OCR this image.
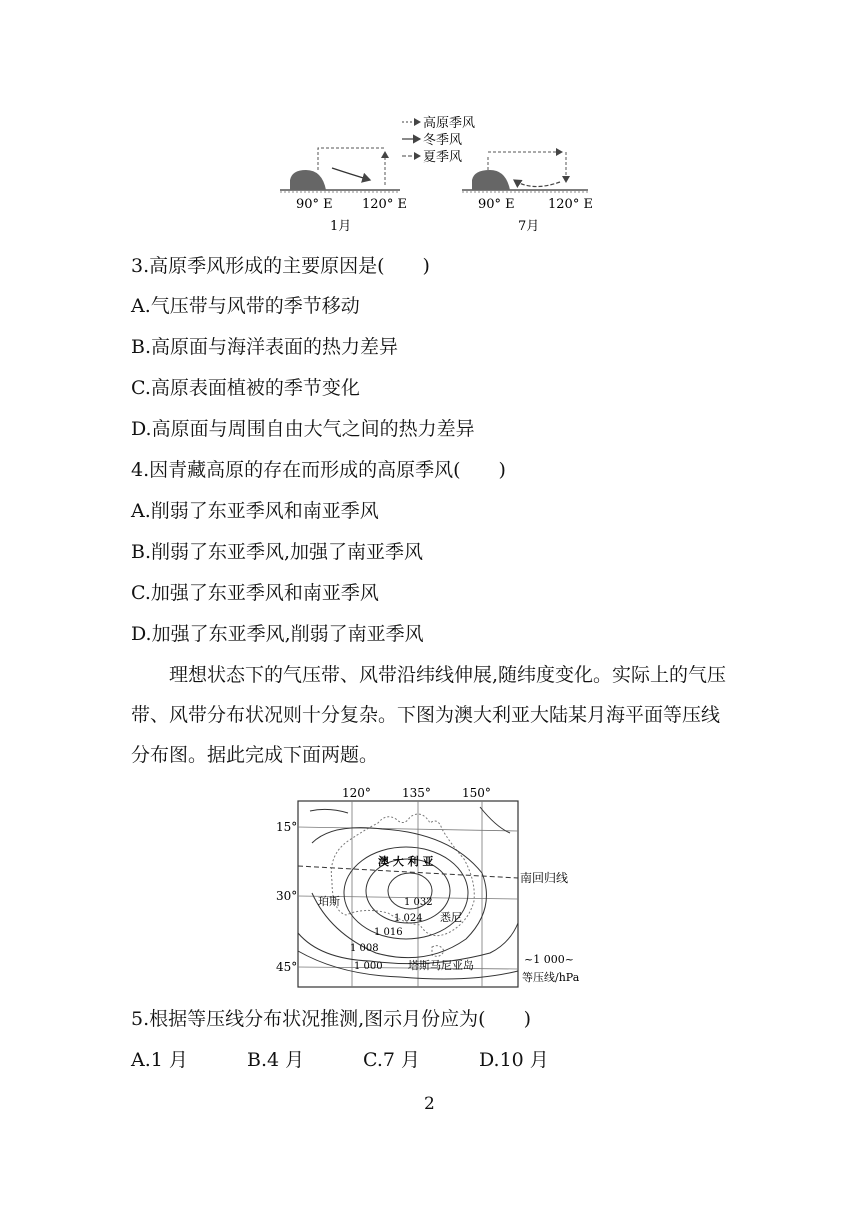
高原季风
冬季风
夏季风
90° E 120° E
1月
90° E	120° E
7月
3.高原季风形成的主要原因是(　　)
A.气压带与风带的季节移动
B.高原面与海洋表面的热力差异
C.高原表面植被的季节变化
D.高原面与周围自由大气之间的热力差异
4.因青藏高原的存在而形成的高原季风(　　)
A.削弱了东亚季风和南亚季风
B.削弱了东亚季风,加强了南亚季风
C.加强了东亚季风和南亚季风
D.加强了东亚季风,削弱了南亚季风
理想状态下的气压带、风带沿纬线伸展,随纬度变化。实际上的气压带、风带分布状况则十分复杂。下图为澳大利亚大陆某月海平面等压线分布图。据此完成下面两题。
120°	135°	150°
15°
30°
45°
南回归线
澳 大 利 亚
珀斯
悉尼
1 032
1 024
1 016
1 008
1 000 塔斯马尼亚岛	~1 000~
等压线/hPa
5.根据等压线分布状况推测,图示月份应为(　　)
A.1 月	B.4 月	C.7 月	D.10 月
2
